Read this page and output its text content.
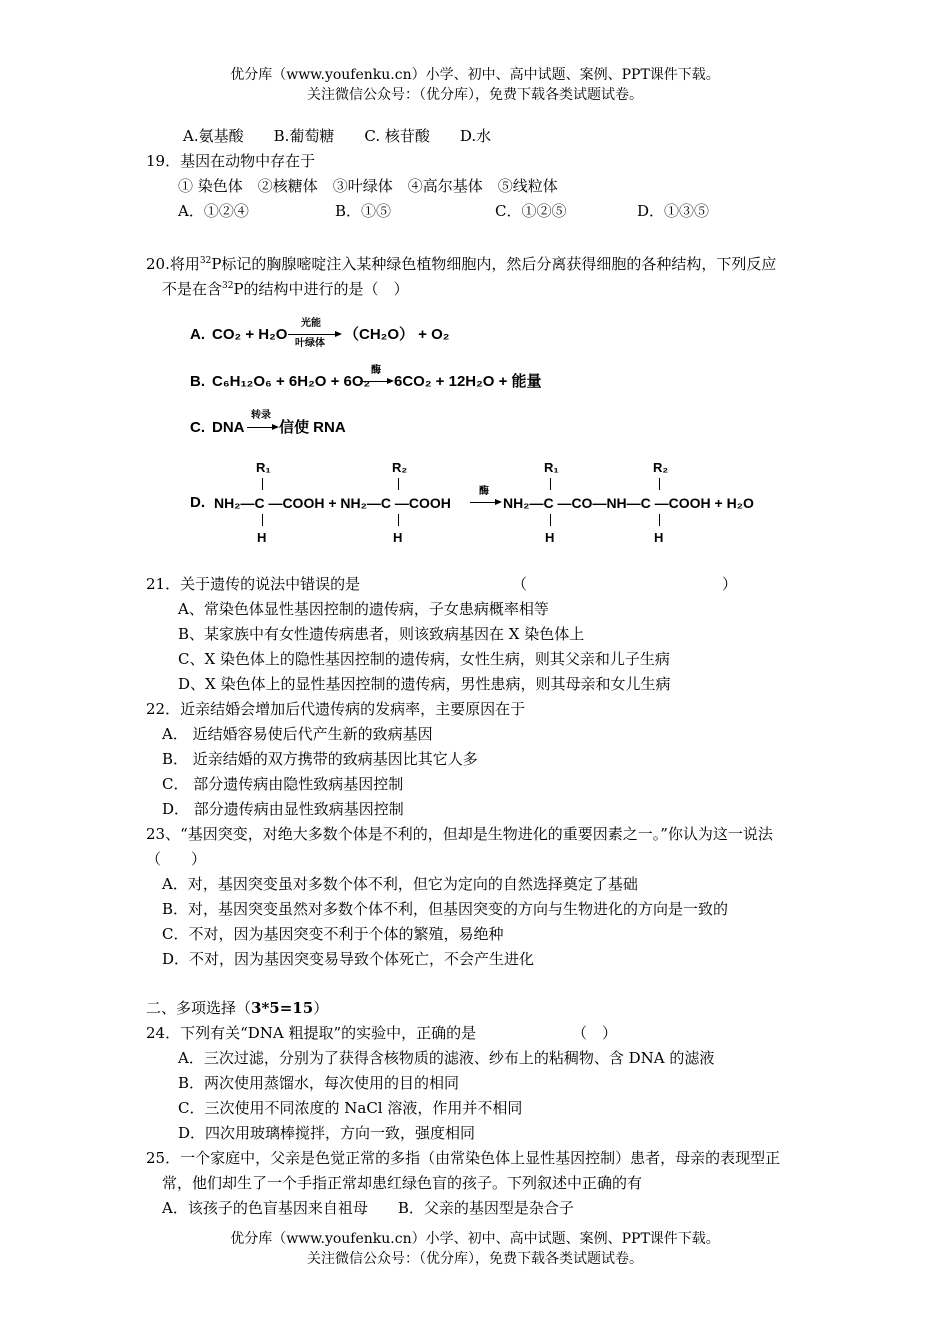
优分库（www.youfenku.cn）小学、初中、高中试题、案例、PPT课件下载。
关注微信公众号：（优分库），免费下载各类试题试卷。
A.氨基酸　　B.葡萄糖　　C. 核苷酸　　D.水
19．基因在动物中存在于
① 染色体　②核糖体　③叶绿体　④高尔基体　⑤线粒体
A．①②④	B．①⑤	C．①②⑤	D．①③⑤
20.将用$^{32}$P标记的胸腺嘧啶注入某种绿色植物细胞内，然后分离获得细胞的各种结构，下列反应
不是在含$^{32}$P的结构中进行的是（　）
A. CO₂ + H₂O
光能
叶绿体
（CH₂O） + O₂
B. C₆H₁₂O₆ + 6H₂O + 6O₂
酶
6CO₂ + 12H₂O + 能量
C. DNA
转录
信使 RNA
R₁	R₂	R₁	R₂
D. NH₂—C —COOH + NH₂—C —COOH
酶
NH₂—C —CO—NH—C —COOH + H₂O
H	H	H	H
21．关于遗传的说法中错误的是	（　　　　　　　　　　　　　）
A、常染色体显性基因控制的遗传病，子女患病概率相等
B、某家族中有女性遗传病患者，则该致病基因在 X 染色体上
C、X 染色体上的隐性基因控制的遗传病，女性生病，则其父亲和儿子生病
D、X 染色体上的显性基因控制的遗传病，男性患病，则其母亲和女儿生病
22．近亲结婚会增加后代遗传病的发病率，主要原因在于
A． 近结婚容易使后代产生新的致病基因
B． 近亲结婚的双方携带的致病基因比其它人多
C． 部分遗传病由隐性致病基因控制
D． 部分遗传病由显性致病基因控制
23、“基因突变，对绝大多数个体是不利的，但却是生物进化的重要因素之一。”你认为这一说法
（　　）
A．对，基因突变虽对多数个体不利，但它为定向的自然选择奠定了基础
B．对，基因突变虽然对多数个体不利，但基因突变的方向与生物进化的方向是一致的
C．不对，因为基因突变不利于个体的繁殖，易绝种
D．不对，因为基因突变易导致个体死亡，不会产生进化
二、多项选择（3*5=15）
24．下列有关“DNA 粗提取”的实验中，正确的是	（　）
A．三次过滤，分别为了获得含核物质的滤液、纱布上的粘稠物、含 DNA 的滤液
B．两次使用蒸馏水，每次使用的目的相同
C．三次使用不同浓度的 NaCl 溶液，作用并不相同
D．四次用玻璃棒搅拌，方向一致，强度相同
25．一个家庭中，父亲是色觉正常的多指（由常染色体上显性基因控制）患者，母亲的表现型正
常，他们却生了一个手指正常却患红绿色盲的孩子。下列叙述中正确的有
A．该孩子的色盲基因来自祖母　　B．父亲的基因型是杂合子
优分库（www.youfenku.cn）小学、初中、高中试题、案例、PPT课件下载。
关注微信公众号：（优分库），免费下载各类试题试卷。
